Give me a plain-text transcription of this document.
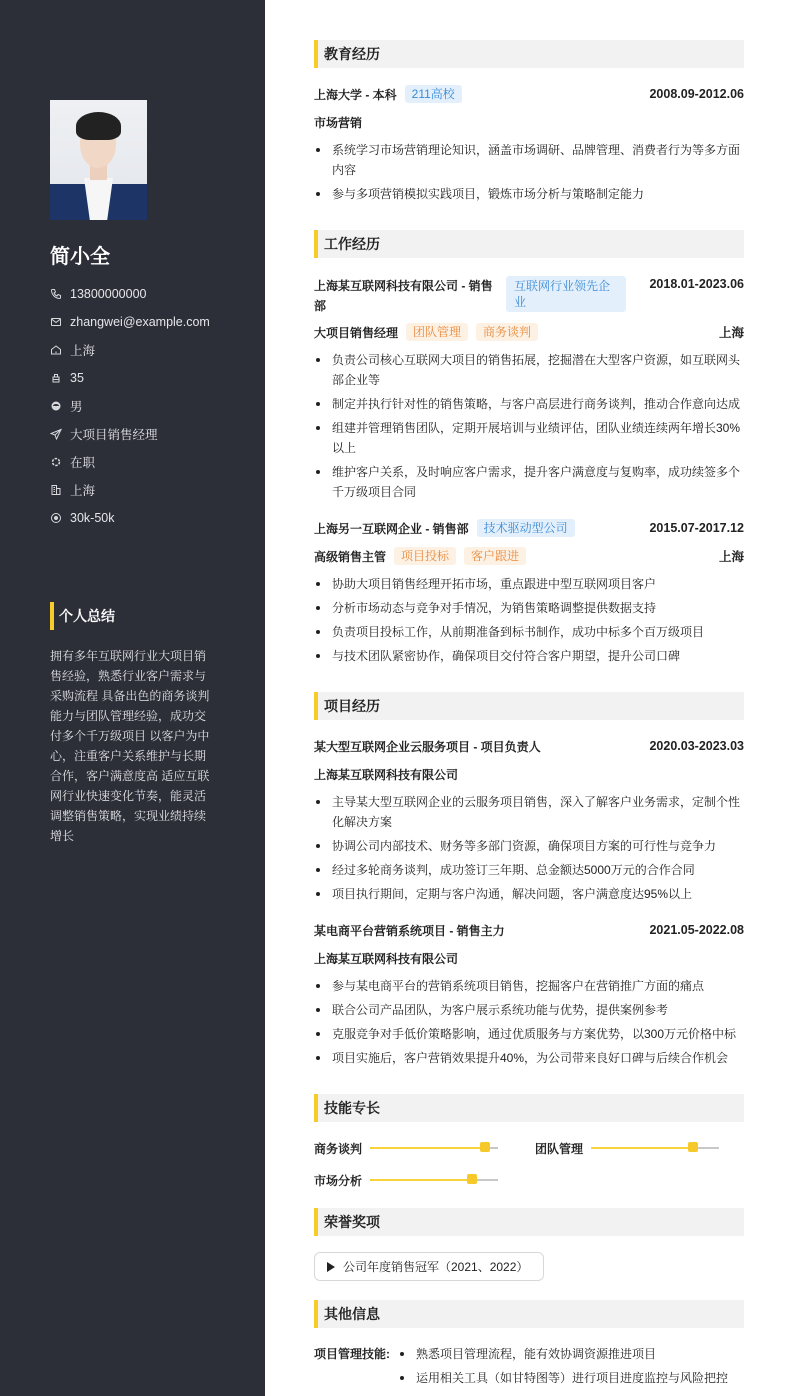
简小全
13800000000
zhangwei@example.com
上海
35
男
大项目销售经理
在职
上海
30k-50k
个人总结
拥有多年互联网行业大项目销售经验，熟悉行业客户需求与采购流程 具备出色的商务谈判能力与团队管理经验，成功交付多个千万级项目 以客户为中心，注重客户关系维护与长期合作，客户满意度高 适应互联网行业快速变化节奏，能灵活调整销售策略，实现业绩持续增长
教育经历
上海大学 - 本科	211高校	2008.09-2012.06
市场营销
系统学习市场营销理论知识，涵盖市场调研、品牌管理、消费者行为等多方面内容
参与多项营销模拟实践项目，锻炼市场分析与策略制定能力
工作经历
上海某互联网科技有限公司 - 销售部
互联网行业领先企业
2018.01-2023.06
大项目销售经理	团队管理	商务谈判	上海
负责公司核心互联网大项目的销售拓展，挖掘潜在大型客户资源，如互联网头部企业等
制定并执行针对性的销售策略，与客户高层进行商务谈判，推动合作意向达成
组建并管理销售团队，定期开展培训与业绩评估，团队业绩连续两年增长30%以上
维护客户关系，及时响应客户需求，提升客户满意度与复购率，成功续签多个千万级项目合同
上海另一互联网企业 - 销售部	技术驱动型公司	2015.07-2017.12
高级销售主管	项目投标	客户跟进	上海
协助大项目销售经理开拓市场，重点跟进中型互联网项目客户
分析市场动态与竞争对手情况，为销售策略调整提供数据支持
负责项目投标工作，从前期准备到标书制作，成功中标多个百万级项目
与技术团队紧密协作，确保项目交付符合客户期望，提升公司口碑
项目经历
某大型互联网企业云服务项目 - 项目负责人	2020.03-2023.03
上海某互联网科技有限公司
主导某大型互联网企业的云服务项目销售，深入了解客户业务需求，定制个性化解决方案
协调公司内部技术、财务等多部门资源，确保项目方案的可行性与竞争力
经过多轮商务谈判，成功签订三年期、总金额达5000万元的合作合同
项目执行期间，定期与客户沟通，解决问题，客户满意度达95%以上
某电商平台营销系统项目 - 销售主力	2021.05-2022.08
上海某互联网科技有限公司
参与某电商平台的营销系统项目销售，挖掘客户在营销推广方面的痛点
联合公司产品团队，为客户展示系统功能与优势，提供案例参考
克服竞争对手低价策略影响，通过优质服务与方案优势，以300万元价格中标
项目实施后，客户营销效果提升40%，为公司带来良好口碑与后续合作机会
技能专长
商务谈判	团队管理
市场分析
荣誉奖项
公司年度销售冠军（2021、2022）
其他信息
项目管理技能:	熟悉项目管理流程，能有效协调资源推进项目
运用相关工具（如甘特图等）进行项目进度监控与风险把控
